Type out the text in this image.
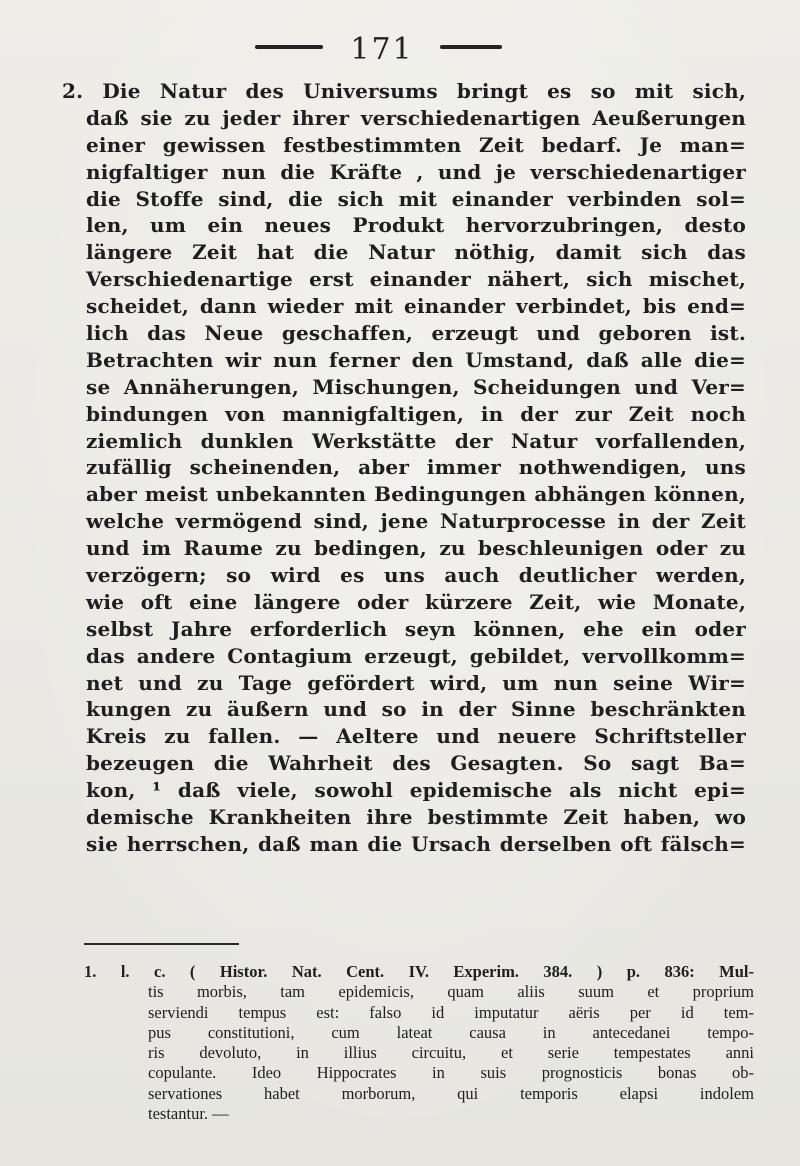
171
2. Die Natur des Universums bringt es so mit sich,
daß sie zu jeder ihrer verschiedenartigen Aeußerungen
einer gewissen festbestimmten Zeit bedarf. Je man=
nigfaltiger nun die Kräfte , und je verschiedenartiger
die Stoffe sind, die sich mit einander verbinden sol=
len, um ein neues Produkt hervorzubringen, desto
längere Zeit hat die Natur nöthig, damit sich das
Verschiedenartige erst einander nähert, sich mischet,
scheidet, dann wieder mit einander verbindet, bis end=
lich das Neue geschaffen, erzeugt und geboren ist.
Betrachten wir nun ferner den Umstand, daß alle die=
se Annäherungen, Mischungen, Scheidungen und Ver=
bindungen von mannigfaltigen, in der zur Zeit noch
ziemlich dunklen Werkstätte der Natur vorfallenden,
zufällig scheinenden, aber immer nothwendigen, uns
aber meist unbekannten Bedingungen abhängen können,
welche vermögend sind, jene Naturprocesse in der Zeit
und im Raume zu bedingen, zu beschleunigen oder zu
verzögern; so wird es uns auch deutlicher werden,
wie oft eine längere oder kürzere Zeit, wie Monate,
selbst Jahre erforderlich seyn können, ehe ein oder
das andere Contagium erzeugt, gebildet, vervollkomm=
net und zu Tage gefördert wird, um nun seine Wir=
kungen zu äußern und so in der Sinne beschränkten
Kreis zu fallen. — Aeltere und neuere Schriftsteller
bezeugen die Wahrheit des Gesagten. So sagt Ba=
kon, ¹ daß viele, sowohl epidemische als nicht epi=
demische Krankheiten ihre bestimmte Zeit haben, wo
sie herrschen, daß man die Ursach derselben oft fälsch=
1. l. c. ( Histor. Nat. Cent. IV. Experim. 384. ) p. 836: Mul-
tis morbis, tam epidemicis, quam aliis suum et proprium
serviendi tempus est: falso id imputatur aëris per id tem-
pus constitutioni, cum lateat causa in antecedanei tempo-
ris devoluto, in illius circuitu, et serie tempestates anni
copulante. Ideo Hippocrates in suis prognosticis bonas ob-
servationes habet morborum, qui temporis elapsi indolem
testantur. —
